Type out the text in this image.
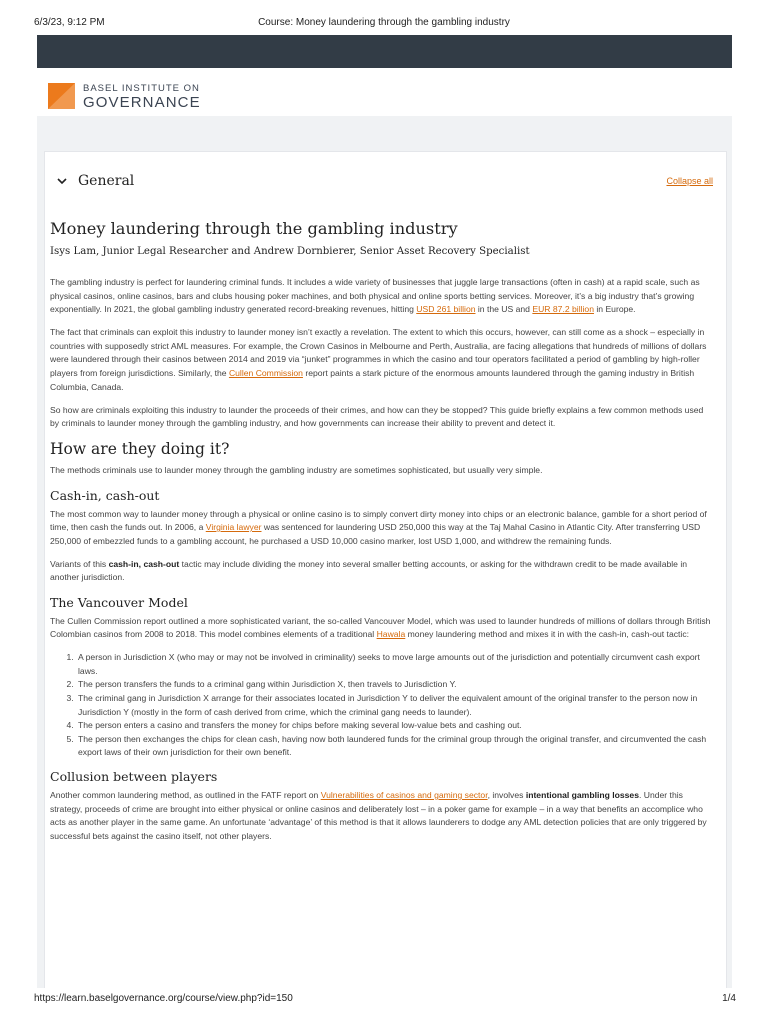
6/3/23, 9:12 PM	Course: Money laundering through the gambling industry
BASEL INSTITUTE ON
GOVERNANCE
General	Collapse all
Money laundering through the gambling industry
Isys Lam, Junior Legal Researcher and Andrew Dornbierer, Senior Asset Recovery Specialist

The gambling industry is perfect for laundering criminal funds. It includes a wide variety of businesses that juggle large transactions (often in cash) at a rapid scale, such as physical casinos, online casinos, bars and clubs housing poker machines, and both physical and online sports betting services. Moreover, it’s a big industry that’s growing exponentially. In 2021, the global gambling industry generated record-breaking revenues, hitting USD 261 billion in the US and EUR 87.2 billion in Europe.

The fact that criminals can exploit this industry to launder money isn’t exactly a revelation. The extent to which this occurs, however, can still come as a shock – especially in countries with supposedly strict AML measures. For example, the Crown Casinos in Melbourne and Perth, Australia, are facing allegations that hundreds of millions of dollars were laundered through their casinos between 2014 and 2019 via “junket” programmes in which the casino and tour operators facilitated a period of gambling by high-roller players from foreign jurisdictions. Similarly, the Cullen Commission report paints a stark picture of the enormous amounts laundered through the gaming industry in British Columbia, Canada.

So how are criminals exploiting this industry to launder the proceeds of their crimes, and how can they be stopped? This guide briefly explains a few common methods used by criminals to launder money through the gambling industry, and how governments can increase their ability to prevent and detect it.

How are they doing it?

The methods criminals use to launder money through the gambling industry are sometimes sophisticated, but usually very simple.

Cash-in, cash-out

The most common way to launder money through a physical or online casino is to simply convert dirty money into chips or an electronic balance, gamble for a short period of time, then cash the funds out. In 2006, a Virginia lawyer was sentenced for laundering USD 250,000 this way at the Taj Mahal Casino in Atlantic City. After transferring USD 250,000 of embezzled funds to a gambling account, he purchased a USD 10,000 casino marker, lost USD 1,000, and withdrew the remaining funds.

Variants of this cash-in, cash-out tactic may include dividing the money into several smaller betting accounts, or asking for the withdrawn credit to be made available in another jurisdiction.

The Vancouver Model

The Cullen Commission report outlined a more sophisticated variant, the so-called Vancouver Model, which was used to launder hundreds of millions of dollars through British Colombian casinos from 2008 to 2018. This model combines elements of a traditional Hawala money laundering method and mixes it in with the cash-in, cash-out tactic:

1. A person in Jurisdiction X (who may or may not be involved in criminality) seeks to move large amounts out of the jurisdiction and potentially circumvent cash export laws.
2. The person transfers the funds to a criminal gang within Jurisdiction X, then travels to Jurisdiction Y.
3. The criminal gang in Jurisdiction X arrange for their associates located in Jurisdiction Y to deliver the equivalent amount of the original transfer to the person now in Jurisdiction Y (mostly in the form of cash derived from crime, which the criminal gang needs to launder).
4. The person enters a casino and transfers the money for chips before making several low-value bets and cashing out.
5. The person then exchanges the chips for clean cash, having now both laundered funds for the criminal group through the original transfer, and circumvented the cash export laws of their own jurisdiction for their own benefit.
Collusion between players

Another common laundering method, as outlined in the FATF report on Vulnerabilities of casinos and gaming sector, involves intentional gambling losses. Under this strategy, proceeds of crime are brought into either physical or online casinos and deliberately lost – in a poker game for example – in a way that benefits an accomplice who acts as another player in the same game. An unfortunate ‘advantage’ of this method is that it allows launderers to dodge any AML detection policies that are only triggered by successful bets against the casino itself, not other players.

https://learn.baselgovernance.org/course/view.php?id=150	1/4
